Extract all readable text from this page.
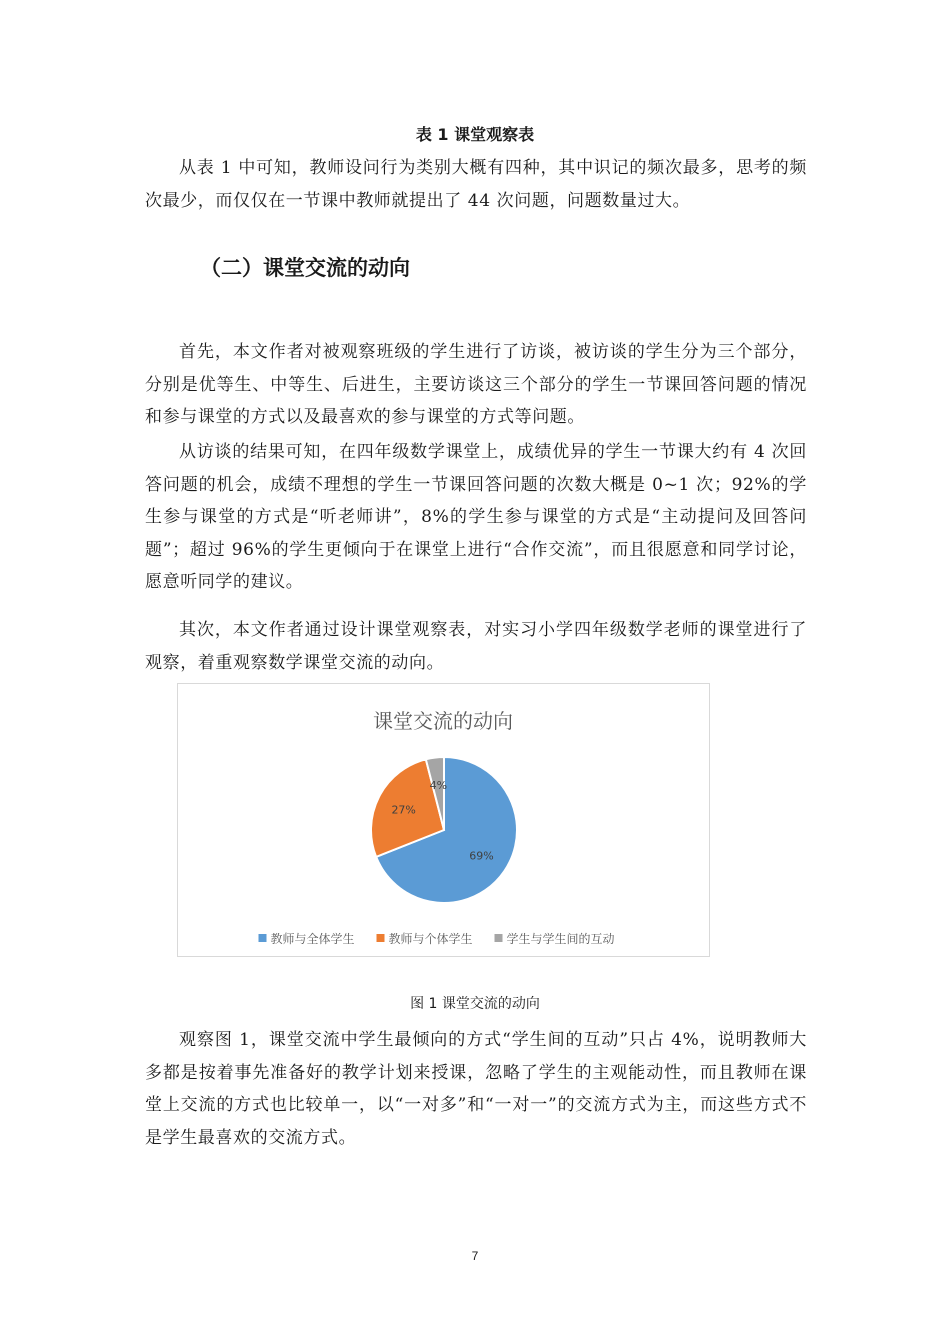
表 1 课堂观察表

从表 1 中可知，教师设问行为类别大概有四种，其中识记的频次最多，思考的频次最少，而仅仅在一节课中教师就提出了 44 次问题，问题数量过大。

（二）课堂交流的动向

首先，本文作者对被观察班级的学生进行了访谈，被访谈的学生分为三个部分，分别是优等生、中等生、后进生，主要访谈这三个部分的学生一节课回答问题的情况和参与课堂的方式以及最喜欢的参与课堂的方式等问题。

从访谈的结果可知，在四年级数学课堂上，成绩优异的学生一节课大约有 4 次回答问题的机会，成绩不理想的学生一节课回答问题的次数大概是 0~1 次；92%的学生参与课堂的方式是“听老师讲”，8%的学生参与课堂的方式是“主动提问及回答问题”；超过 96%的学生更倾向于在课堂上进行“合作交流”，而且很愿意和同学讨论，愿意听同学的建议。

其次，本文作者通过设计课堂观察表，对实习小学四年级数学老师的课堂进行了观察，着重观察数学课堂交流的动向。

课堂交流的动向
69%
27%
4%
教师与全体学生	教师与个体学生	学生与学生间的互动
图 1 课堂交流的动向

观察图 1，课堂交流中学生最倾向的方式“学生间的互动”只占 4%，说明教师大多都是按着事先准备好的教学计划来授课，忽略了学生的主观能动性，而且教师在课堂上交流的方式也比较单一，以“一对多”和“一对一”的交流方式为主，而这些方式不是学生最喜欢的交流方式。

7
